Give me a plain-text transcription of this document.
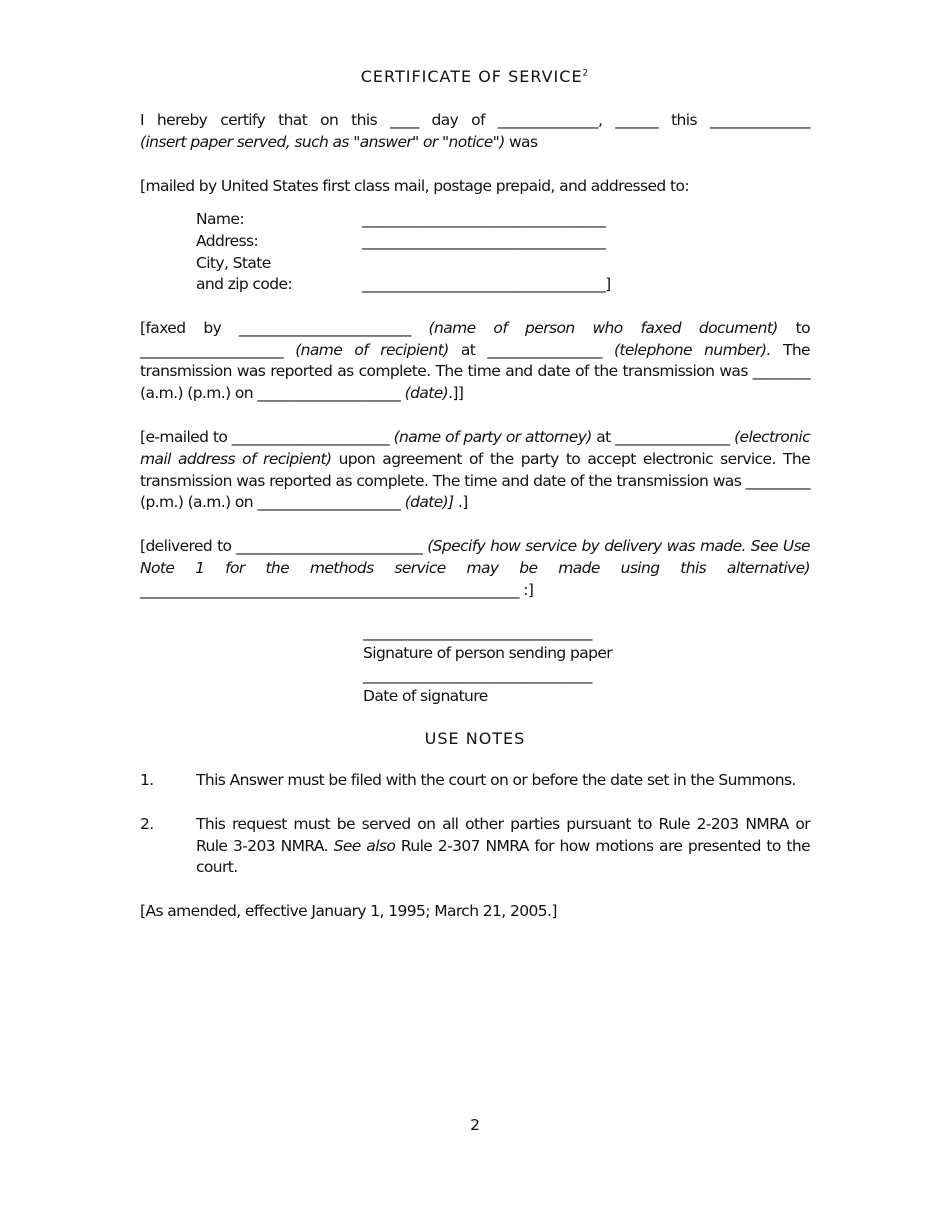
CERTIFICATE OF SERVICE$^2$

I hereby certify that on this ____ day of ______________, ______ this ______________
(insert paper served, such as "answer" or "notice") was

[mailed by United States first class mail, postage prepaid, and addressed to:

Name:	__________________________________
Address:	__________________________________
City, State
and zip code:	__________________________________]

[faxed by ________________________ (name of person who faxed document) to ____________________ (name of recipient) at ________________ (telephone number). The transmission was reported as complete. The time and date of the transmission was ________ (a.m.) (p.m.) on ____________________ (date).]]

[e-mailed to ______________________ (name of party or attorney) at ________________ (electronic mail address of recipient) upon agreement of the party to accept electronic service. The transmission was reported as complete. The time and date of the transmission was _________ (p.m.) (a.m.) on ____________________ (date)] .]

[delivered to __________________________ (Specify how service by delivery was made. See Use Note 1 for the methods service may be made using this alternative) _____________________________________________________ :]

________________________________
Signature of person sending paper
________________________________
Date of signature
USE NOTES
1.	This Answer must be filed with the court on or before the date set in the Summons.
2.	This request must be served on all other parties pursuant to Rule 2-203 NMRA or Rule 3-203 NMRA. See also Rule 2-307 NMRA for how motions are presented to the court.

[As amended, effective January 1, 1995; March 21, 2005.]

2
